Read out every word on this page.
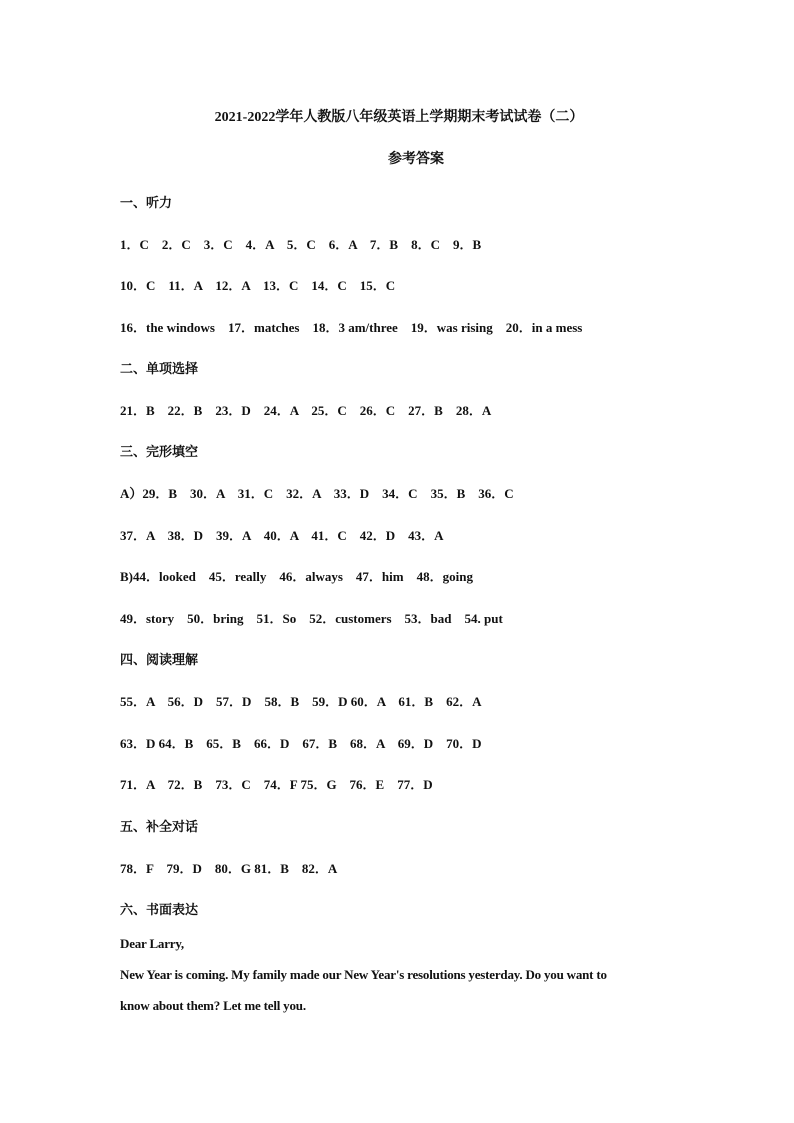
2021-2022学年人教版八年级英语上学期期末考试试卷（二）
参考答案
一、听力
1．C　2．C　3．C　4．A　5．C　6．A　7．B　8．C　9．B
10．C　11．A　12．A　13．C　14．C　15．C
16．the windows　17．matches　18．3 am/three　19．was rising　20．in a mess
二、单项选择
21．B　22．B　23．D　24．A　25．C　26．C　27．B　28．A
三、完形填空
A）29．B　30．A　31．C　32．A　33．D　34．C　35．B　36．C
37．A　38．D　39．A　40．A　41．C　42．D　43．A
B)44．looked　45．really　46．always　47．him　48．going
49．story　50．bring　51．So　52．customers　53．bad　54. put
四、阅读理解
55．A　56．D　57．D　58．B　59．D 60．A　61．B　62．A
63．D 64．B　65．B　66．D　67．B　68．A　69．D　70．D
71．A　72．B　73．C　74．F 75．G　76．E　77．D
五、补全对话
78．F　79．D　80．G 81．B　82．A
六、书面表达
Dear Larry,
New Year is coming. My family made our New Year's resolutions yesterday. Do you want to
know about them? Let me tell you.
